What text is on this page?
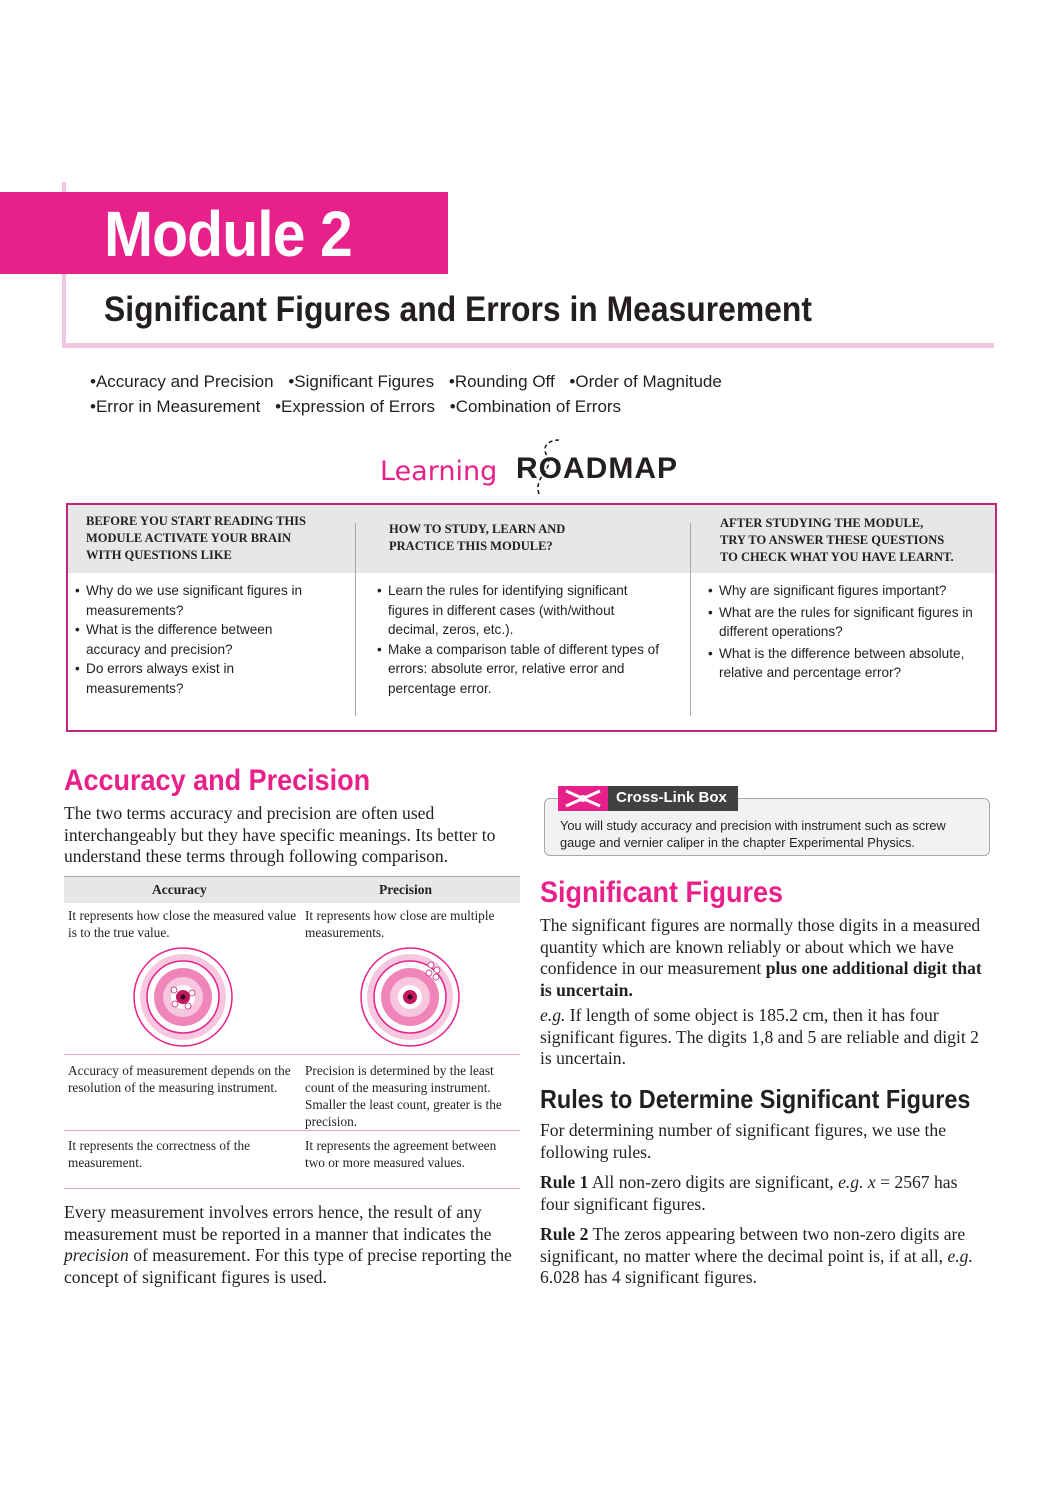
Module 2
Significant Figures and Errors in Measurement
• Accuracy and Precision • Significant Figures • Rounding Off • Order of Magnitude
• Error in Measurement • Expression of Errors • Combination of Errors
Learning ROADMAP
BEFORE YOU START READING THIS
MODULE ACTIVATE YOUR BRAIN
WITH QUESTIONS LIKE
• Why do we use significant figures in measurements?
• What is the difference between accuracy and precision?
• Do errors always exist in measurements?
HOW TO STUDY, LEARN AND
PRACTICE THIS MODULE?
• Learn the rules for identifying significant figures in different cases (with/without decimal, zeros, etc.).
• Make a comparison table of different types of errors: absolute error, relative error and percentage error.
AFTER STUDYING THE MODULE,
TRY TO ANSWER THESE QUESTIONS
TO CHECK WHAT YOU HAVE LEARNT.
• Why are significant figures important?
• What are the rules for significant figures in different operations?
• What is the difference between absolute, relative and percentage error?
Accuracy and Precision
The two terms accuracy and precision are often used interchangeably but they have specific meanings. Its better to understand these terms through following comparison.
Accuracy	Precision
It represents how close the measured value is to the true value.
It represents how close are multiple measurements.
Accuracy of measurement depends on the resolution of the measuring instrument.
Precision is determined by the least count of the measuring instrument. Smaller the least count, greater is the precision.
It represents the correctness of the measurement.
It represents the agreement between two or more measured values.
Every measurement involves errors hence, the result of any measurement must be reported in a manner that indicates the precision of measurement. For this type of precise reporting the concept of significant figures is used.
Cross-Link Box
You will study accuracy and precision with instrument such as screw gauge and vernier caliper in the chapter Experimental Physics.
Significant Figures
The significant figures are normally those digits in a measured quantity which are known reliably or about which we have confidence in our measurement plus one additional digit that is uncertain.
e.g. If length of some object is 185.2 cm, then it has four significant figures. The digits 1,8 and 5 are reliable and digit 2 is uncertain.
Rules to Determine Significant Figures
For determining number of significant figures, we use the following rules.
Rule 1 All non-zero digits are significant, e.g. x = 2567 has four significant figures.
Rule 2 The zeros appearing between two non-zero digits are significant, no matter where the decimal point is, if at all, e.g. 6.028 has 4 significant figures.
